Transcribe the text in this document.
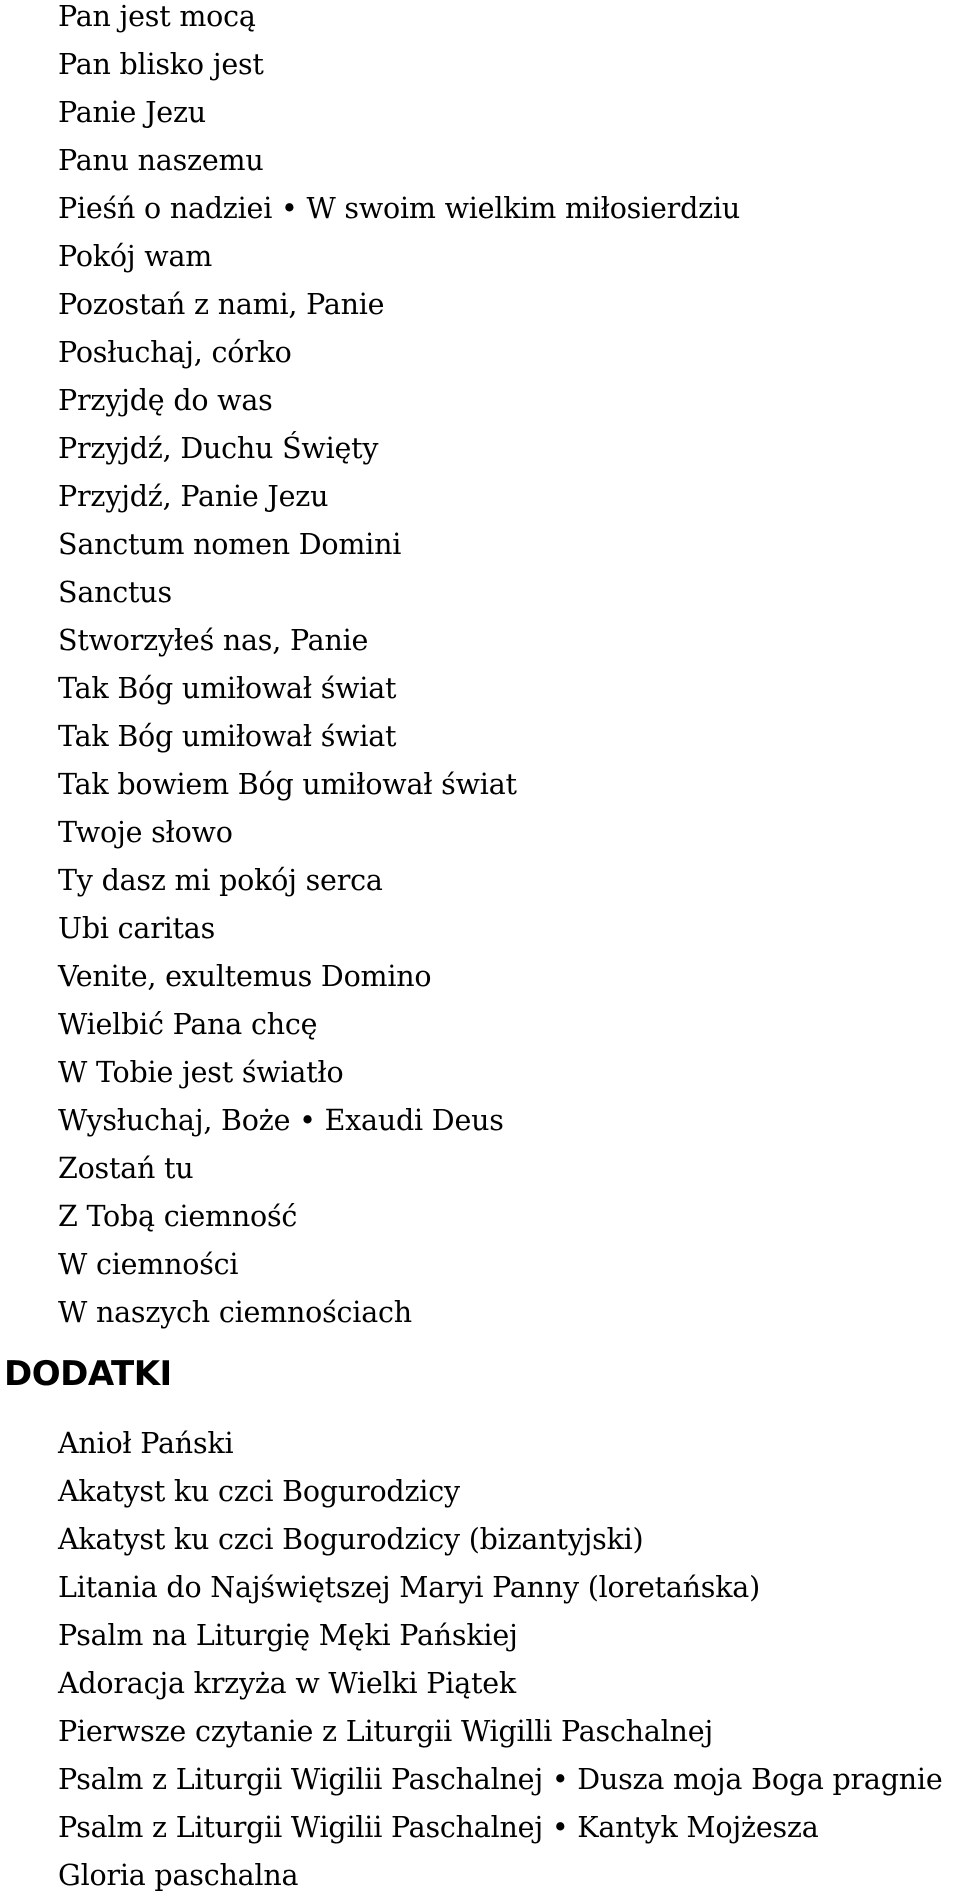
Pan jest mocą
Pan blisko jest
Panie Jezu
Panu naszemu
Pieśń o nadziei • W swoim wielkim miłosierdziu
Pokój wam
Pozostań z nami, Panie
Posłuchaj, córko
Przyjdę do was
Przyjdź, Duchu Święty
Przyjdź, Panie Jezu
Sanctum nomen Domini
Sanctus
Stworzyłeś nas, Panie
Tak Bóg umiłował świat
Tak Bóg umiłował świat
Tak bowiem Bóg umiłował świat
Twoje słowo
Ty dasz mi pokój serca
Ubi caritas
Venite, exultemus Domino
Wielbić Pana chcę
W Tobie jest światło
Wysłuchaj, Boże • Exaudi Deus
Zostań tu
Z Tobą ciemność
W ciemności
W naszych ciemnościach
DODATKI
Anioł Pański
Akatyst ku czci Bogurodzicy
Akatyst ku czci Bogurodzicy (bizantyjski)
Litania do Najświętszej Maryi Panny (loretańska)
Psalm na Liturgię Męki Pańskiej
Adoracja krzyża w Wielki Piątek
Pierwsze czytanie z Liturgii Wigilli Paschalnej
Psalm z Liturgii Wigilii Paschalnej • Dusza moja Boga pragnie
Psalm z Liturgii Wigilii Paschalnej • Kantyk Mojżesza
Gloria paschalna
